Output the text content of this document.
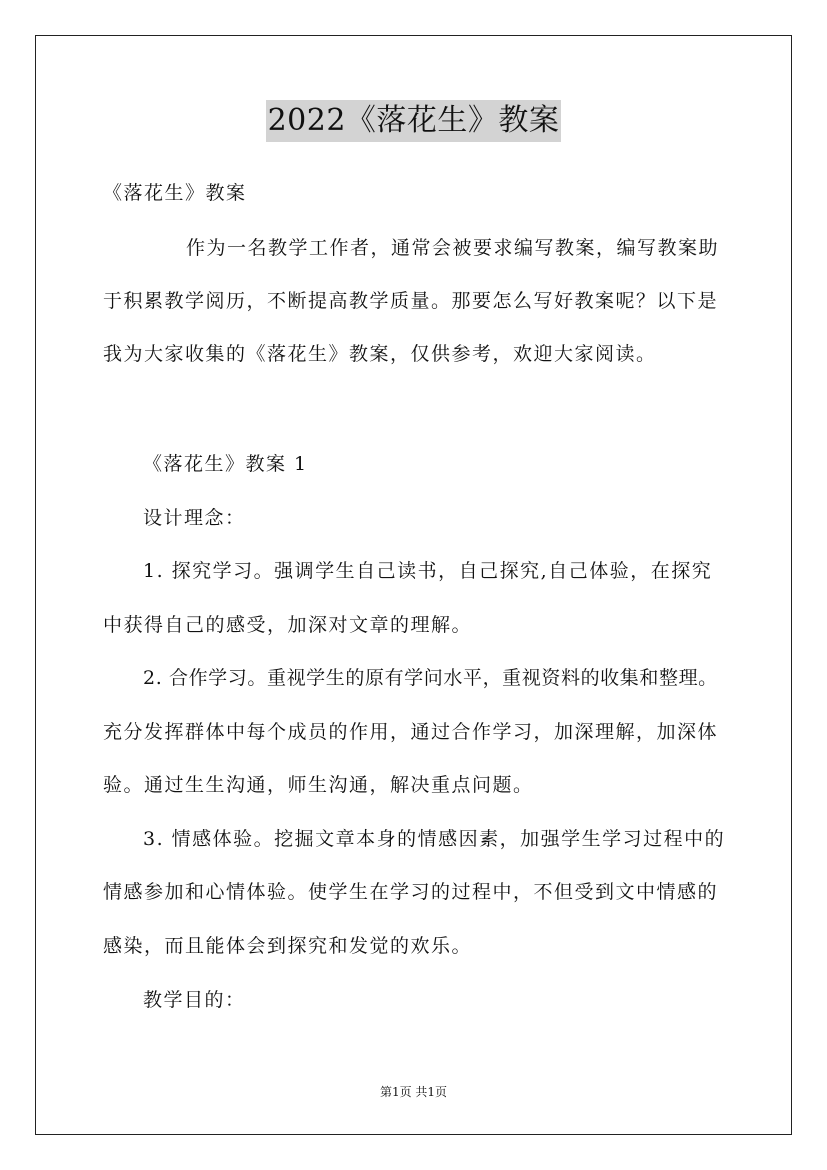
2022《落花生》教案
《落花生》教案
作为一名教学工作者，通常会被要求编写教案，编写教案助
于积累教学阅历，不断提高教学质量。那要怎么写好教案呢？以下是
我为大家收集的《落花生》教案，仅供参考，欢迎大家阅读。
《落花生》教案 1
设计理念：
1. 探究学习。强调学生自己读书，自己探究,自己体验，在探究
中获得自己的感受，加深对文章的理解。
2. 合作学习。重视学生的原有学问水平，重视资料的收集和整理。
充分发挥群体中每个成员的作用，通过合作学习，加深理解，加深体
验。通过生生沟通，师生沟通，解决重点问题。
3. 情感体验。挖掘文章本身的情感因素，加强学生学习过程中的
情感参加和心情体验。使学生在学习的过程中，不但受到文中情感的
感染，而且能体会到探究和发觉的欢乐。
教学目的：
第1页 共1页
